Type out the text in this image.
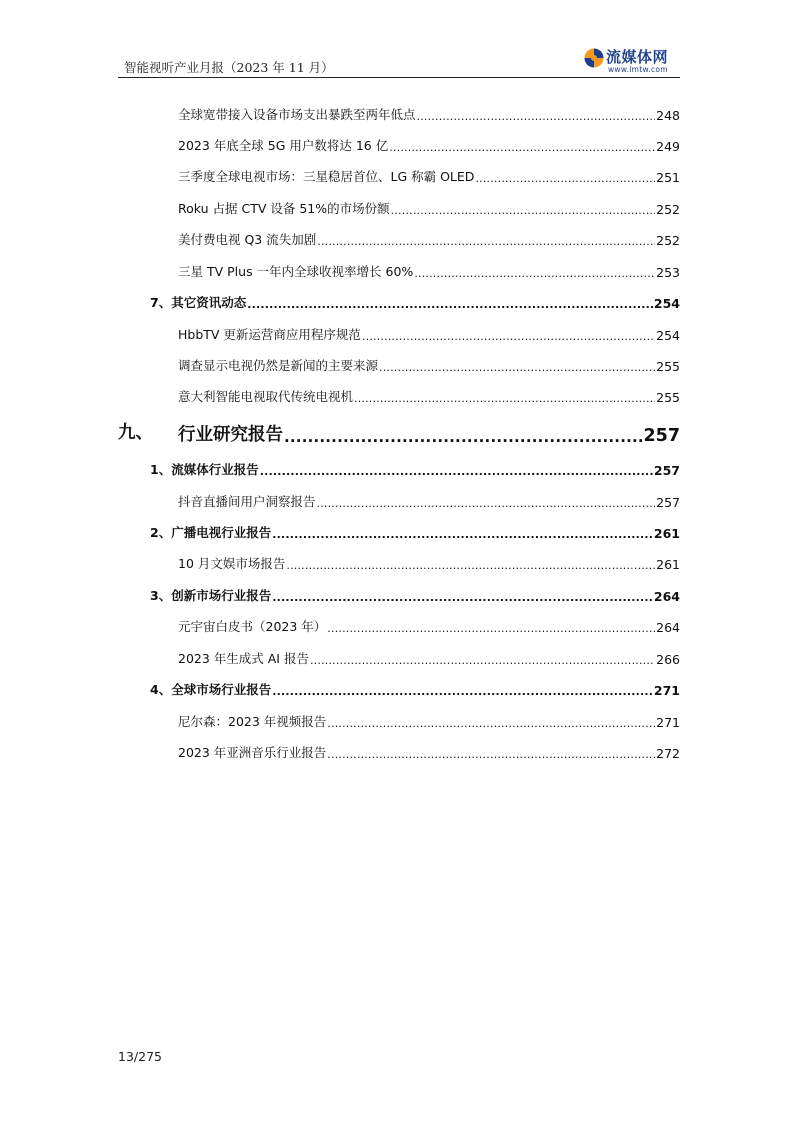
智能视听产业月报（2023 年 11 月）
流媒体网
www.lmtw.com
全球宽带接入设备市场支出暴跌至两年低点 .....	248
2023 年底全球 5G 用户数将达 16 亿 .....	249
三季度全球电视市场：三星稳居首位、LG 称霸 OLED .....	251
Roku 占据 CTV 设备 51%的市场份额 .....	252
美付费电视 Q3 流失加剧 .....	252
三星 TV Plus 一年内全球收视率增长 60% .....	253
7、其它资讯动态 .....	254
HbbTV 更新运营商应用程序规范 .....	254
调查显示电视仍然是新闻的主要来源 .....	255
意大利智能电视取代传统电视机 .....	255
九、	行业研究报告 .....	257
1、流媒体行业报告 .....	257
抖音直播间用户洞察报告 .....	257
2、广播电视行业报告 .....	261
10 月文娱市场报告 .....	261
3、创新市场行业报告 .....	264
元宇宙白皮书（2023 年） .....	264
2023 年生成式 AI 报告 .....	266
4、全球市场行业报告 .....	271
尼尔森：2023 年视频报告 .....	271
2023 年亚洲音乐行业报告 .....	272
13/275
